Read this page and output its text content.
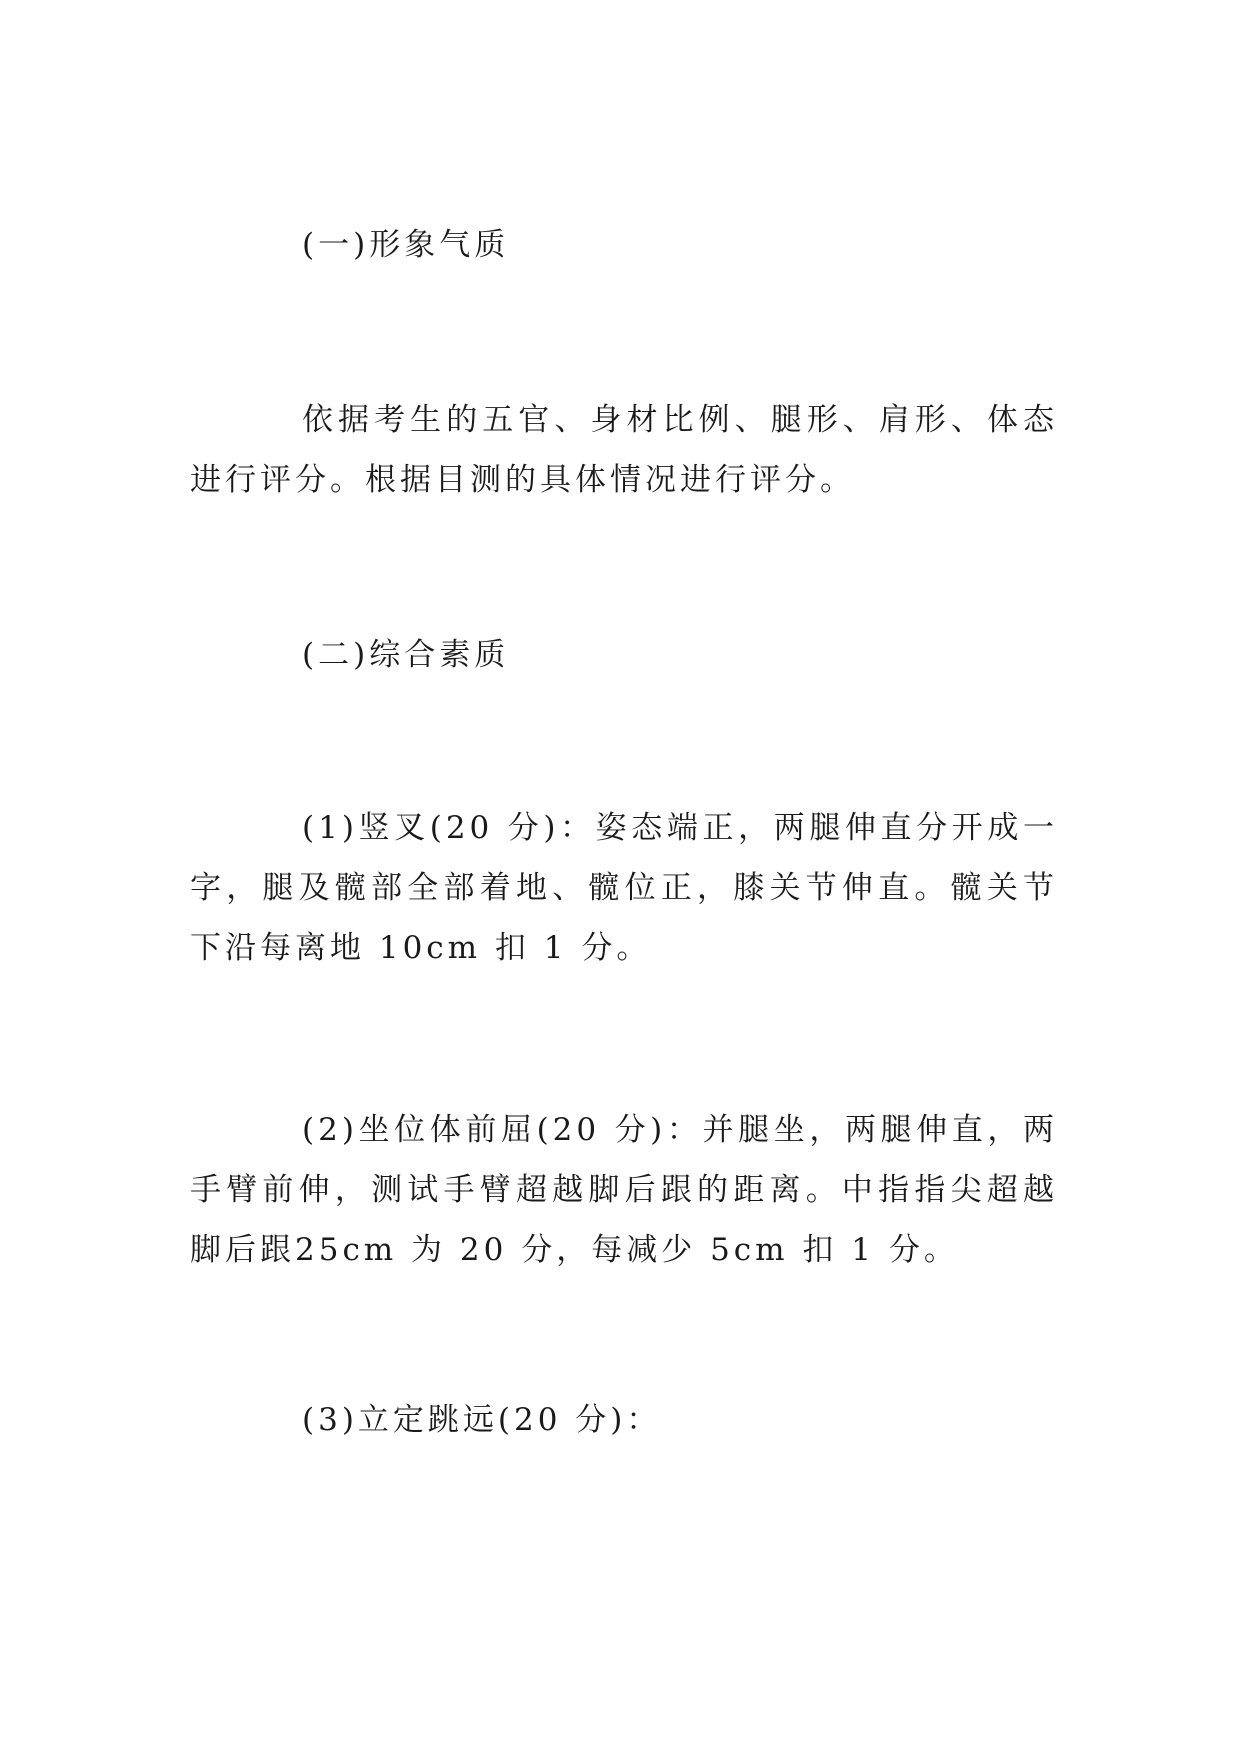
(一)形象气质

依据考生的五官、身材比例、腿形、肩形、体态进行评分。根据目测的具体情况进行评分。

(二)综合素质

(1)竖叉(20 分)：姿态端正，两腿伸直分开成一字，腿及髋部全部着地、髋位正，膝关节伸直。髋关节下沿每离地 10cm 扣 1 分。

(2)坐位体前屈(20 分)：并腿坐，两腿伸直，两手臂前伸，测试手臂超越脚后跟的距离。中指指尖超越脚后跟25cm 为 20 分，每减少 5cm 扣 1 分。

(3)立定跳远(20 分)：
